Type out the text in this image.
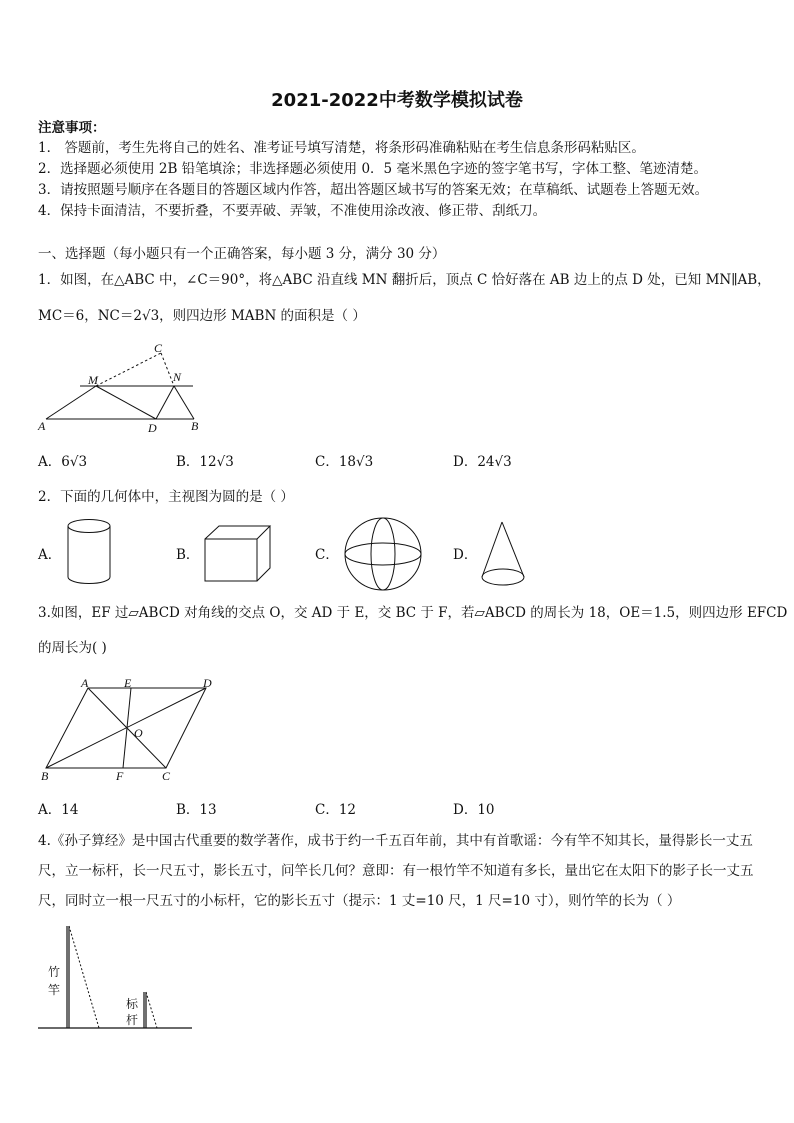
2021-2022中考数学模拟试卷
注意事项：
1． 答题前，考生先将自己的姓名、准考证号填写清楚，将条形码准确粘贴在考生信息条形码粘贴区。
2．选择题必须使用 2B 铅笔填涂；非选择题必须使用 0．5 毫米黑色字迹的签字笔书写，字体工整、笔迹清楚。
3．请按照题号顺序在各题目的答题区域内作答，超出答题区域书写的答案无效；在草稿纸、试题卷上答题无效。
4．保持卡面清洁，不要折叠，不要弄破、弄皱，不准使用涂改液、修正带、刮纸刀。
一、选择题（每小题只有一个正确答案，每小题 3 分，满分 30 分）
1．如图，在△ABC 中，∠C＝90°，将△ABC 沿直线 MN 翻折后，顶点 C 恰好落在 AB 边上的点 D 处，已知 MN∥AB，
MC＝6，NC＝2√3，则四边形 MABN 的面积是（ ）
C
M	N
A	D	B
A．6√3	B．12√3	C．18√3	D．24√3
2．下面的几何体中，主视图为圆的是（ ）
A．	B．	C．	D．
3.如图，EF 过▱ABCD 对角线的交点 O，交 AD 于 E，交 BC 于 F，若▱ABCD 的周长为 18，OE＝1.5，则四边形 EFCD
的周长为( )
A	E	D
O
B	F	C
A．14	B．13	C．12	D．10
4.《孙子算经》是中国古代重要的数学著作，成书于约一千五百年前，其中有首歌谣：今有竿不知其长，量得影长一丈五尺，立一标杆，长一尺五寸，影长五寸，问竿长几何？意即：有一根竹竿不知道有多长，量出它在太阳下的影子长一丈五尺，同时立一根一尺五寸的小标杆，它的影长五寸（提示：1 丈=10 尺，1 尺=10 寸），则竹竿的长为（ ）
竹
竿
标
杆
